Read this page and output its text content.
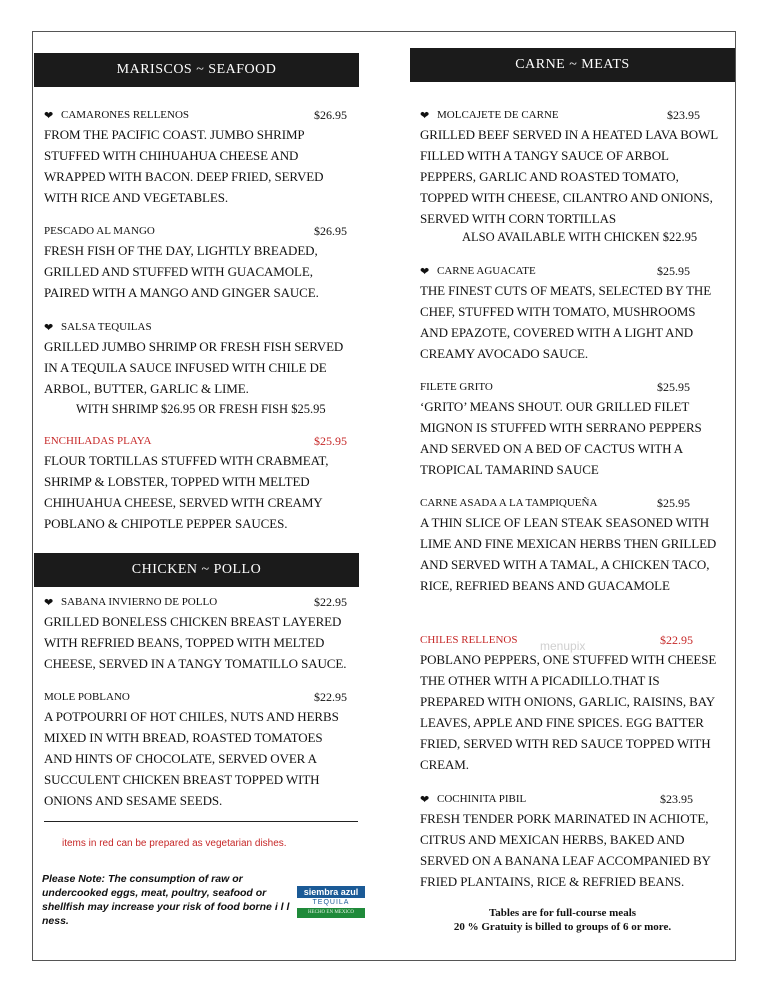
MARISCOS ~ SEAFOOD
❤ CAMARONES RELLENOS	$26.95
FROM THE PACIFIC COAST. JUMBO SHRIMP STUFFED WITH CHIHUAHUA CHEESE AND WRAPPED WITH BACON. DEEP FRIED, SERVED WITH RICE AND VEGETABLES.
PESCADO AL MANGO	$26.95
FRESH FISH OF THE DAY, LIGHTLY BREADED, GRILLED AND STUFFED WITH GUACAMOLE, PAIRED WITH A MANGO AND GINGER SAUCE.
❤ SALSA TEQUILAS
GRILLED JUMBO SHRIMP OR FRESH FISH SERVED IN A TEQUILA SAUCE INFUSED WITH CHILE DE ARBOL, BUTTER, GARLIC & LIME.
WITH SHRIMP $26.95 OR FRESH FISH $25.95
ENCHILADAS PLAYA	$25.95
FLOUR TORTILLAS STUFFED WITH CRABMEAT, SHRIMP & LOBSTER, TOPPED WITH MELTED CHIHUAHUA CHEESE, SERVED WITH CREAMY POBLANO & CHIPOTLE PEPPER SAUCES.
CHICKEN ~ POLLO
❤ SABANA INVIERNO DE POLLO	$22.95
GRILLED BONELESS CHICKEN BREAST LAYERED WITH REFRIED BEANS, TOPPED WITH MELTED CHEESE, SERVED IN A TANGY TOMATILLO SAUCE.
MOLE POBLANO	$22.95
A POTPOURRI OF HOT CHILES, NUTS AND HERBS MIXED IN WITH BREAD, ROASTED TOMATOES AND HINTS OF CHOCOLATE, SERVED OVER A SUCCULENT CHICKEN BREAST TOPPED WITH ONIONS AND SESAME SEEDS.
items in red can be prepared as vegetarian dishes.
Please Note: The consumption of raw or undercooked eggs, meat, poultry, seafood or shellfish may increase your risk of food borne i l l ness.
siembra azul
TEQUILA
HECHO EN MEXICO
CARNE ~ MEATS
❤ MOLCAJETE DE CARNE	$23.95
GRILLED BEEF SERVED IN A HEATED LAVA BOWL FILLED WITH A TANGY SAUCE OF ARBOL PEPPERS, GARLIC AND ROASTED TOMATO, TOPPED WITH CHEESE, CILANTRO AND ONIONS, SERVED WITH CORN TORTILLAS
ALSO AVAILABLE WITH CHICKEN $22.95
❤ CARNE AGUACATE	$25.95
THE FINEST CUTS OF MEATS, SELECTED BY THE CHEF, STUFFED WITH TOMATO, MUSHROOMS AND EPAZOTE, COVERED WITH A LIGHT AND CREAMY AVOCADO SAUCE.
FILETE GRITO	$25.95
‘GRITO’ MEANS SHOUT. OUR GRILLED FILET MIGNON IS STUFFED WITH SERRANO PEPPERS AND SERVED ON A BED OF CACTUS WITH A TROPICAL TAMARIND SAUCE
CARNE ASADA A LA TAMPIQUEÑA	$25.95
A THIN SLICE OF LEAN STEAK SEASONED WITH LIME AND FINE MEXICAN HERBS THEN GRILLED AND SERVED WITH A TAMAL, A CHICKEN TACO, RICE, REFRIED BEANS AND GUACAMOLE
CHILES RELLENOS	$22.95
POBLANO PEPPERS, ONE STUFFED WITH CHEESE THE OTHER WITH A PICADILLO.THAT IS PREPARED WITH ONIONS, GARLIC, RAISINS, BAY LEAVES, APPLE AND FINE SPICES. EGG BATTER FRIED, SERVED WITH RED SAUCE TOPPED WITH CREAM.
❤ COCHINITA PIBIL	$23.95
FRESH TENDER PORK MARINATED IN ACHIOTE, CITRUS AND MEXICAN HERBS, BAKED AND SERVED ON A BANANA LEAF ACCOMPANIED BY FRIED PLANTAINS, RICE & REFRIED BEANS.
menupix
Tables are for full-course meals
20 % Gratuity is billed to groups of 6 or more.
